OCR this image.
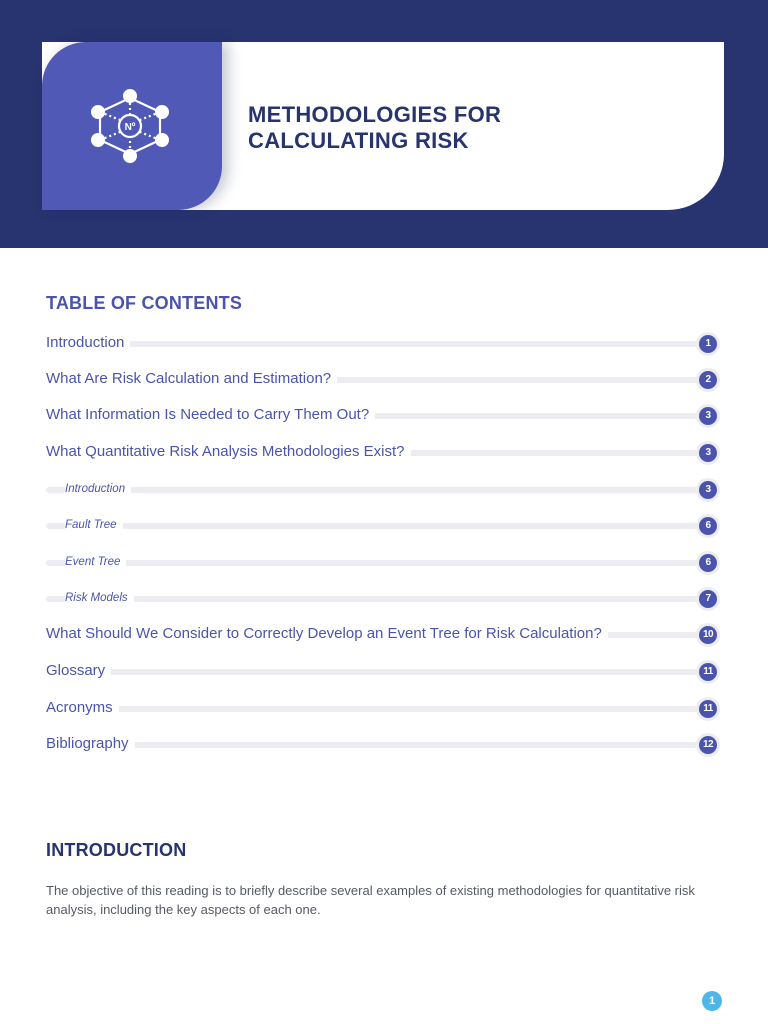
Nº
METHODOLOGIES FOR
CALCULATING RISK
TABLE OF CONTENTS
Introduction	1
What Are Risk Calculation and Estimation?	2
What Information Is Needed to Carry Them Out?	3
What Quantitative Risk Analysis Methodologies Exist?	3
Introduction	3
Fault Tree	6
Event Tree	6
Risk Models	7
What Should We Consider to Correctly Develop an Event Tree for Risk Calculation?	10
Glossary	11
Acronyms	11
Bibliography	12
INTRODUCTION

The objective of this reading is to briefly describe several examples of existing methodologies for quantitative risk analysis, including the key aspects of each one.

1
